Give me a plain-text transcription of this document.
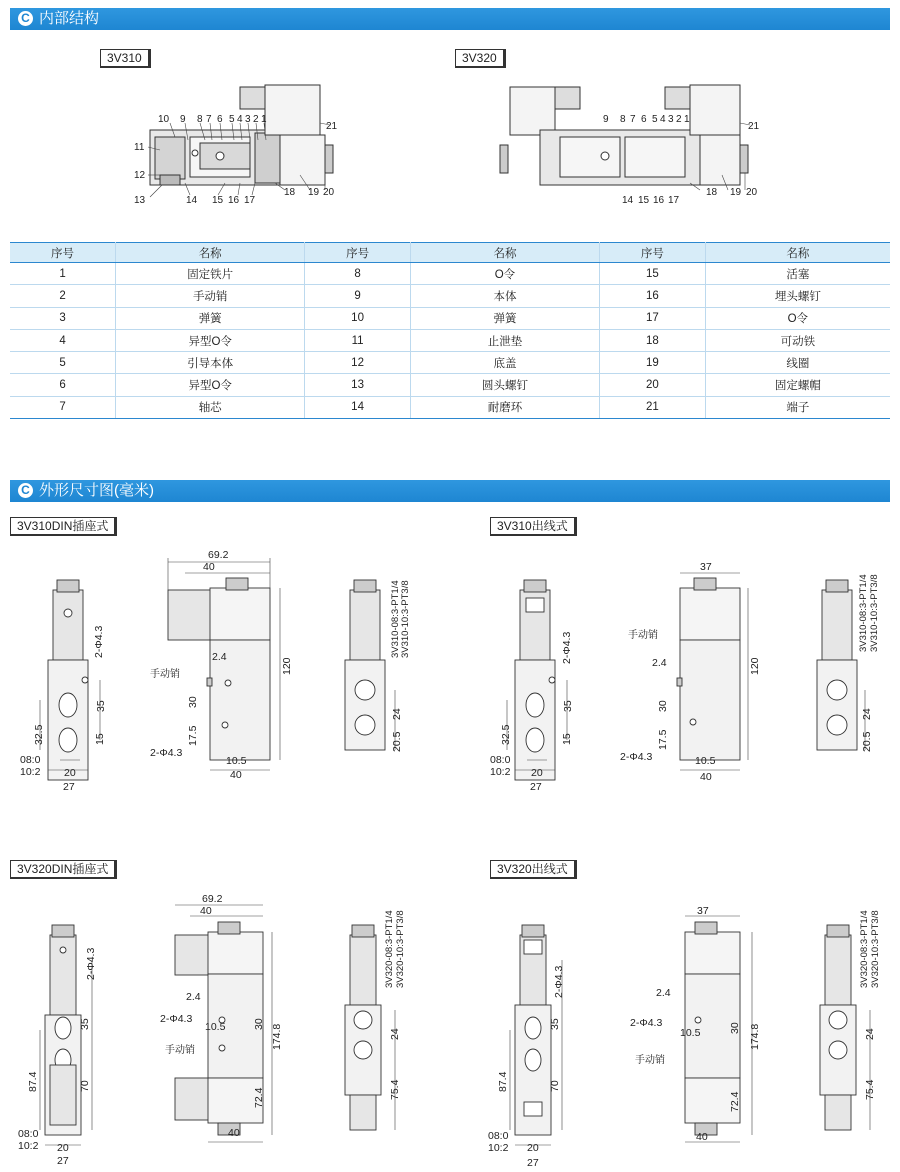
C 内部结构
3V310	3V320
10 9 8 7 6 5 4 3 2 1
21
11
12
13	14 15 16 17
18 19 20
9 8 7 6 5 4 3 2 1
21
14 15 16 17
18 19 20
序号	名称	序号	名称	序号	名称
1	固定铁片	8	O令	15	活塞
2	手动销	9	本体	16	埋头螺钉
3	弹簧	10	弹簧	17	O令
4	异型O令	11	止泄垫	18	可动铁
5	引导本体	12	底盖	19	线圈
6	异型O令	13	圆头螺钉	20	固定螺帽
7	轴芯	14	耐磨环	21	端子
C 外形尺寸图(毫米)
3V310DIN插座式	3V310出线式
3V320DIN插座式	3V320出线式
69.2
40	37
120	120
2.4	2.4
手动销
手动销
30	30
17.5	17.5
2-Φ4.3	2-Φ4.3
10.5	10.5
40	40
2-Φ4.3	2-Φ4.3
35	35
32.5	32.5
15	15
08:0
10:2
08:0
10:2
20	20
27	27
24	24
20.5	20.5
3V310-08:3-PT1/4 3V310-10:3-PT3/8	3V310-08:3-PT1/4 3V310-10:3-PT3/8
69.2
40	37
2.4	2.4
2-Φ4.3	2-Φ4.3
10.5	10.5
30	30
174.8	174.8
手动销
手动销
72.4	72.4
40	40
2-Φ4.3
2-Φ4.3
35	35
70	70
87.4	87.4
08:0
10:2
08:0
10:2
20	20
27	27
24	24
75.4	75.4
3V320-08:3-PT1/4 3V320-10:3-PT3/8	3V320-08:3-PT1/4 3V320-10:3-PT3/8
